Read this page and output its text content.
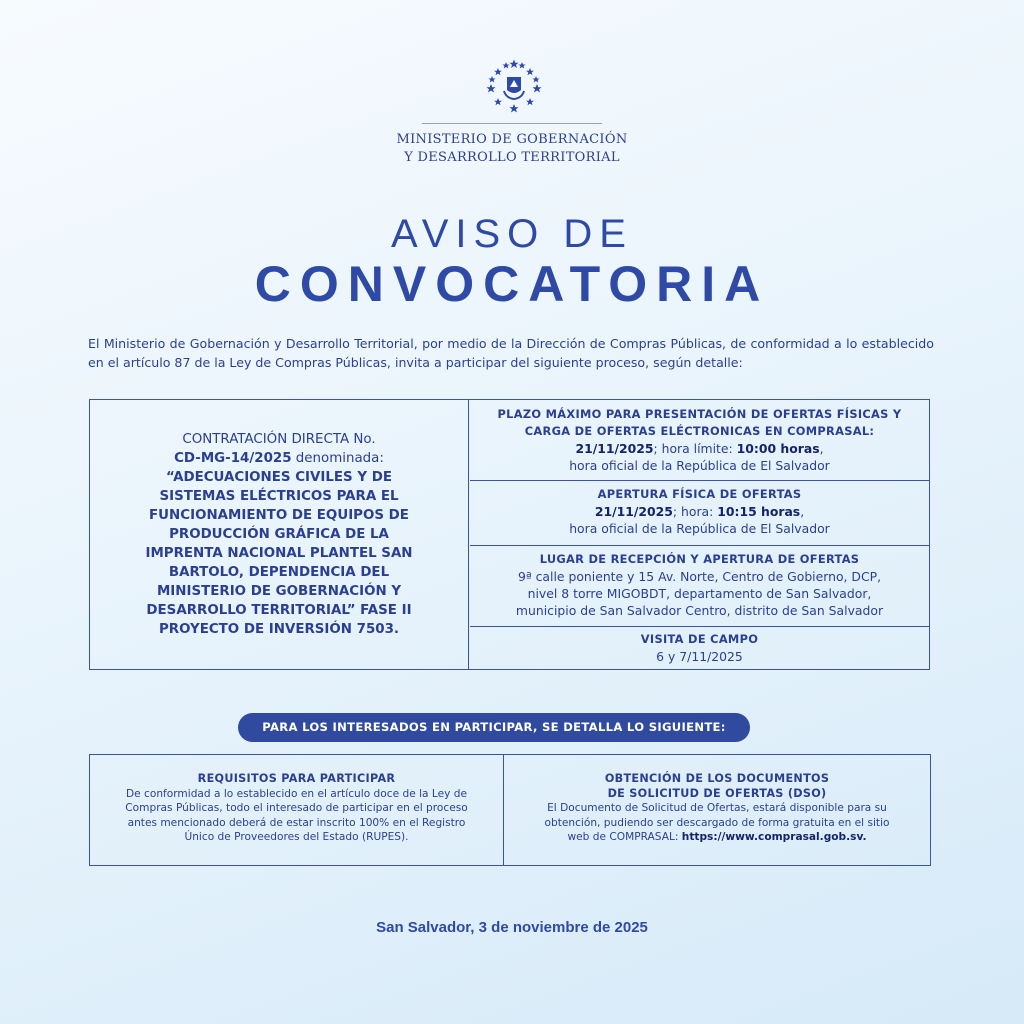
MINISTERIO DE GOBERNACIÓN
Y DESARROLLO TERRITORIAL
AVISO DE
CONVOCATORIA
El Ministerio de Gobernación y Desarrollo Territorial, por medio de la Dirección de Compras Públicas, de conformidad a lo establecido en el artículo 87 de la Ley de Compras Públicas, invita a participar del siguiente proceso, según detalle:
CONTRATACIÓN DIRECTA No.
CD-MG-14/2025 denominada:
“ADECUACIONES CIVILES Y DE SISTEMAS ELÉCTRICOS PARA EL FUNCIONAMIENTO DE EQUIPOS DE PRODUCCIÓN GRÁFICA DE LA IMPRENTA NACIONAL PLANTEL SAN BARTOLO, DEPENDENCIA DEL MINISTERIO DE GOBERNACIÓN Y DESARROLLO TERRITORIAL” FASE II PROYECTO DE INVERSIÓN 7503.
PLAZO MÁXIMO PARA PRESENTACIÓN DE OFERTAS FÍSICAS Y
CARGA DE OFERTAS ELÉCTRONICAS EN COMPRASAL:
21/11/2025; hora límite: 10:00 horas,
hora oficial de la República de El Salvador
APERTURA FÍSICA DE OFERTAS
21/11/2025; hora: 10:15 horas,
hora oficial de la República de El Salvador
LUGAR DE RECEPCIÓN Y APERTURA DE OFERTAS
9ª calle poniente y 15 Av. Norte, Centro de Gobierno, DCP,
nivel 8 torre MIGOBDT, departamento de San Salvador,
municipio de San Salvador Centro, distrito de San Salvador
VISITA DE CAMPO
6 y 7/11/2025
PARA LOS INTERESADOS EN PARTICIPAR, SE DETALLA LO SIGUIENTE:
REQUISITOS PARA PARTICIPAR
De conformidad a lo establecido en el artículo doce de la Ley de
Compras Públicas, todo el interesado de participar en el proceso
antes mencionado deberá de estar inscrito 100% en el Registro
Único de Proveedores del Estado (RUPES).
OBTENCIÓN DE LOS DOCUMENTOS
DE SOLICITUD DE OFERTAS (DSO)
El Documento de Solicitud de Ofertas, estará disponible para su
obtención, pudiendo ser descargado de forma gratuita en el sitio
web de COMPRASAL: https://www.comprasal.gob.sv.
San Salvador, 3 de noviembre de 2025
